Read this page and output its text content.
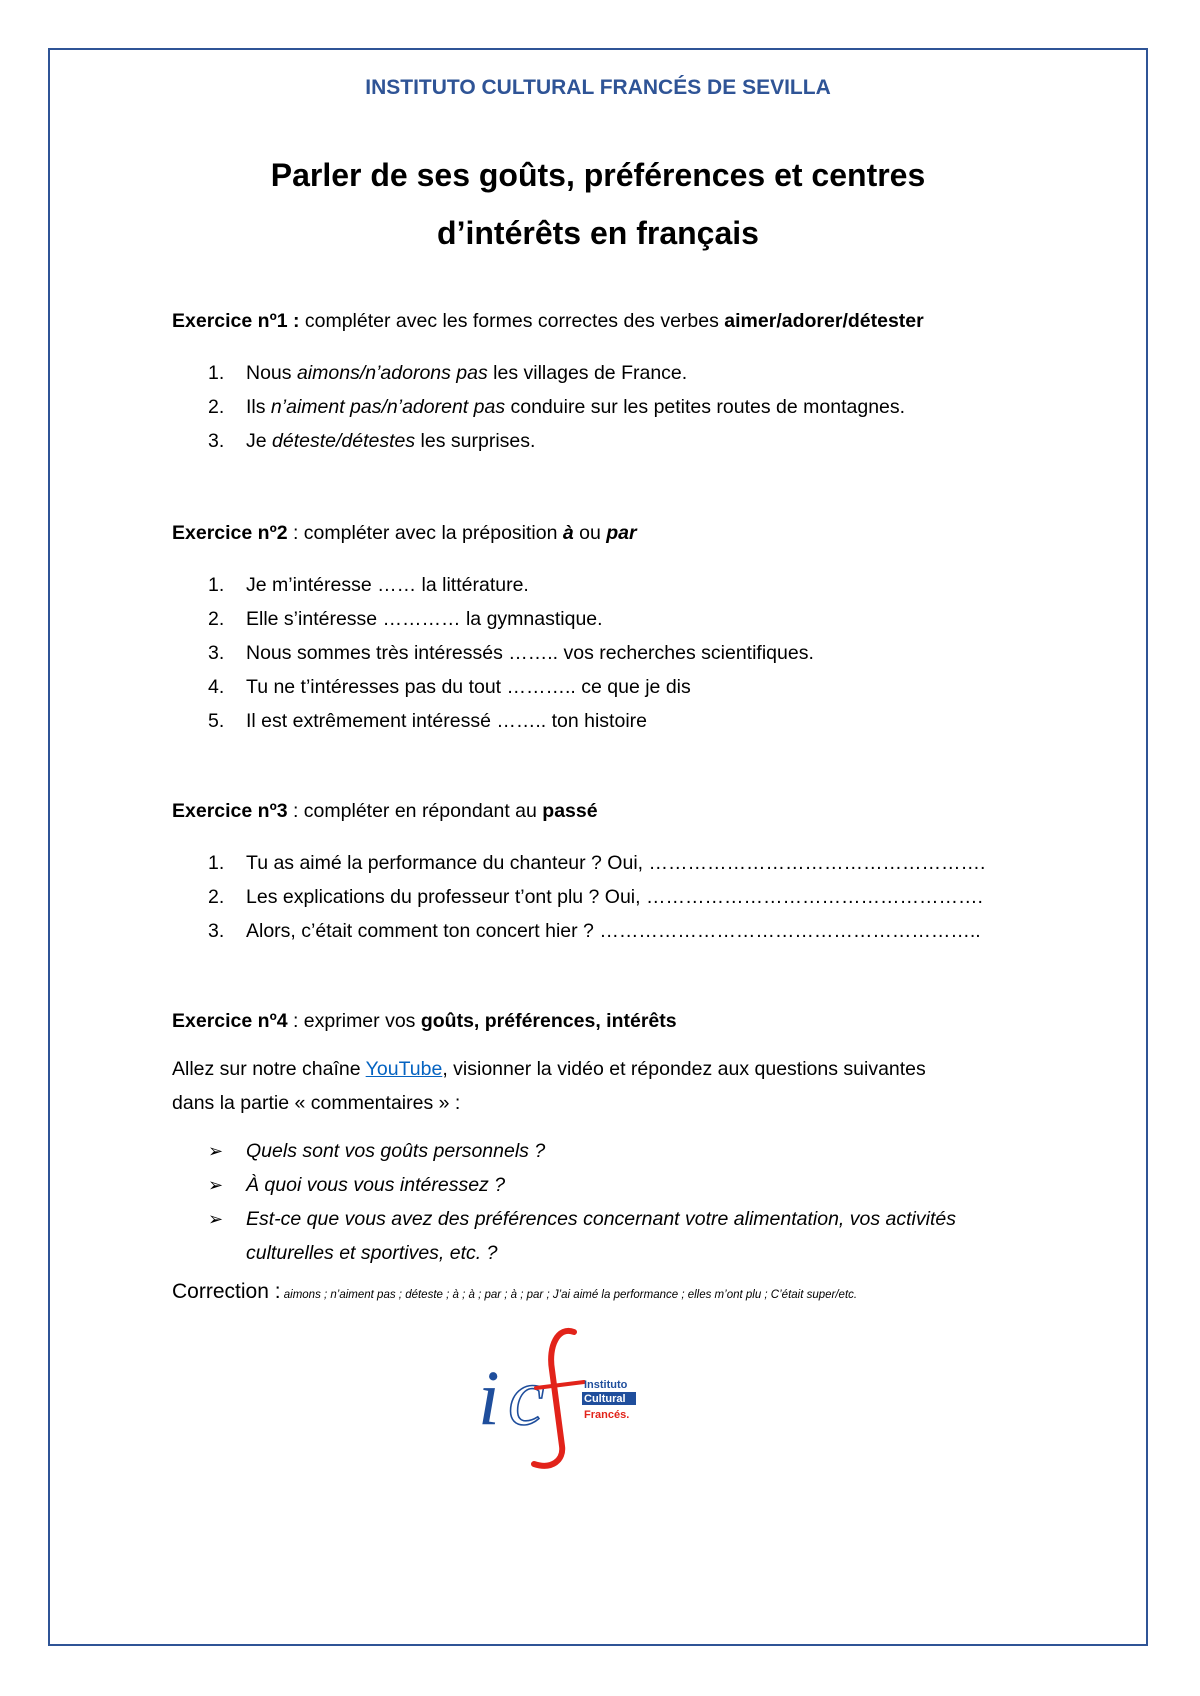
INSTITUTO CULTURAL FRANCÉS DE SEVILLA
Parler de ses goûts, préférences et centres
d’intérêts en français

Exercice nº1 : compléter avec les formes correctes des verbes aimer/adorer/détester

1.	Nous aimons/n’adorons pas les villages de France.
2.	Ils n’aiment pas/n’adorent pas conduire sur les petites routes de montagnes.
3.	Je déteste/détestes les surprises.

Exercice nº2 : compléter avec la préposition à ou par

1.	Je m’intéresse …… la littérature.
2.	Elle s’intéresse ………… la gymnastique.
3.	Nous sommes très intéressés …….. vos recherches scientifiques.
4.	Tu ne t’intéresses pas du tout ……….. ce que je dis
5.	Il est extrêmement intéressé …….. ton histoire

Exercice nº3 : compléter en répondant au passé

1.	Tu as aimé la performance du chanteur ? Oui, …………………………………………….
2.	Les explications du professeur t’ont plu ? Oui, …………………………………………….
3.	Alors, c’était comment ton concert hier ? …………………………………………………..

Exercice nº4 : exprimer vos goûts, préférences, intérêts

Allez sur notre chaîne YouTube, visionner la vidéo et répondez aux questions suivantes
dans la partie « commentaires » :

➢	Quels sont vos goûts personnels ?
➢	À quoi vous vous intéressez ?
➢	Est-ce que vous avez des préférences concernant votre alimentation, vos activités culturelles et sportives, etc. ?
Correction : aimons ; n’aiment pas ; déteste ; à ; à ; par ; à ; par ; J’ai aimé la performance ; elles m’ont plu ; C’était super/etc.
i c	Instituto
Cultural
Francés.
